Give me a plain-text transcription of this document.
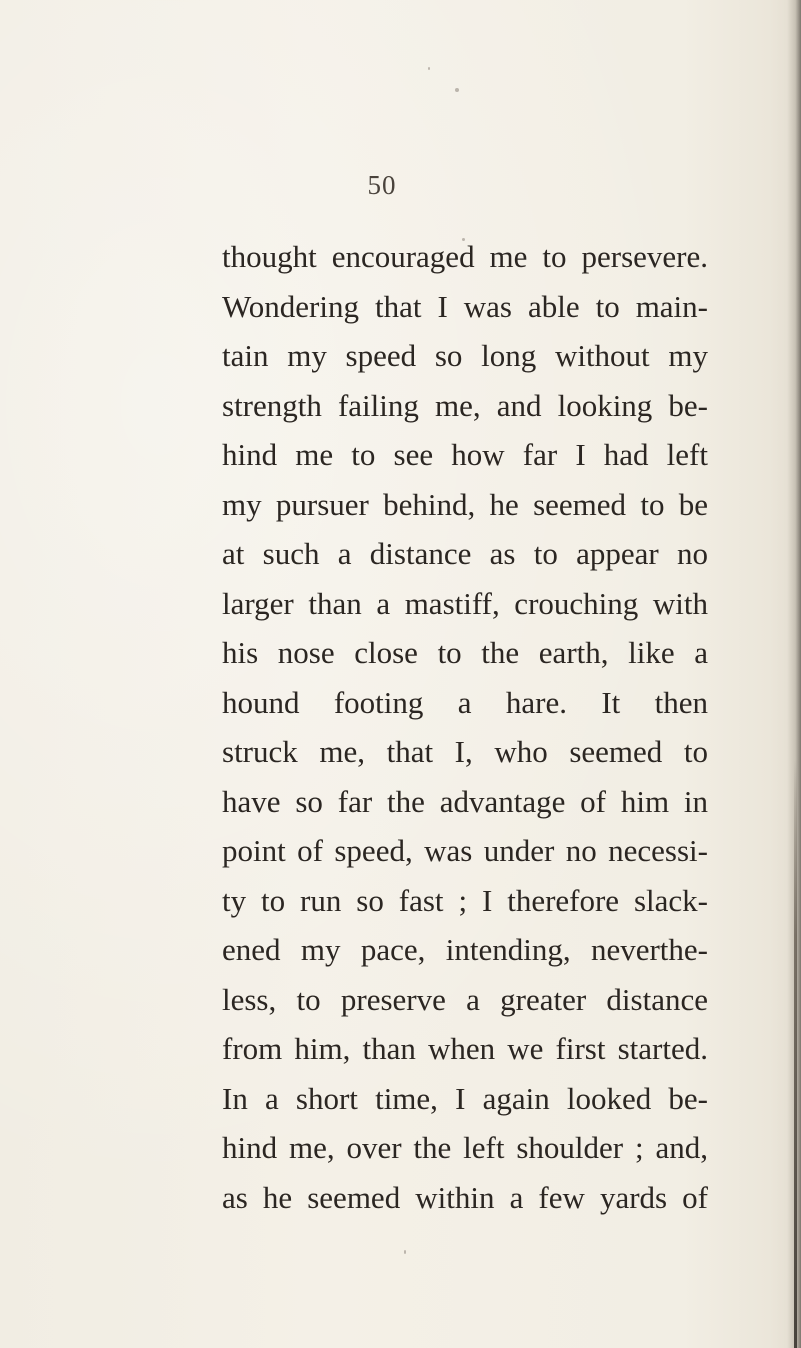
50
thought encouraged me to persevere.
Wondering that I was able to main-
tain my speed so long without my
strength failing me, and looking be-
hind me to see how far I had left
my pursuer behind, he seemed to be
at such a distance as to appear no
larger than a mastiff, crouching with
his nose close to the earth, like a
hound footing a hare. It then
struck me, that I, who seemed to
have so far the advantage of him in
point of speed, was under no necessi-
ty to run so fast ; I therefore slack-
ened my pace, intending, neverthe-
less, to preserve a greater distance
from him, than when we first started.
In a short time, I again looked be-
hind me, over the left shoulder ; and,
as he seemed within a few yards of
